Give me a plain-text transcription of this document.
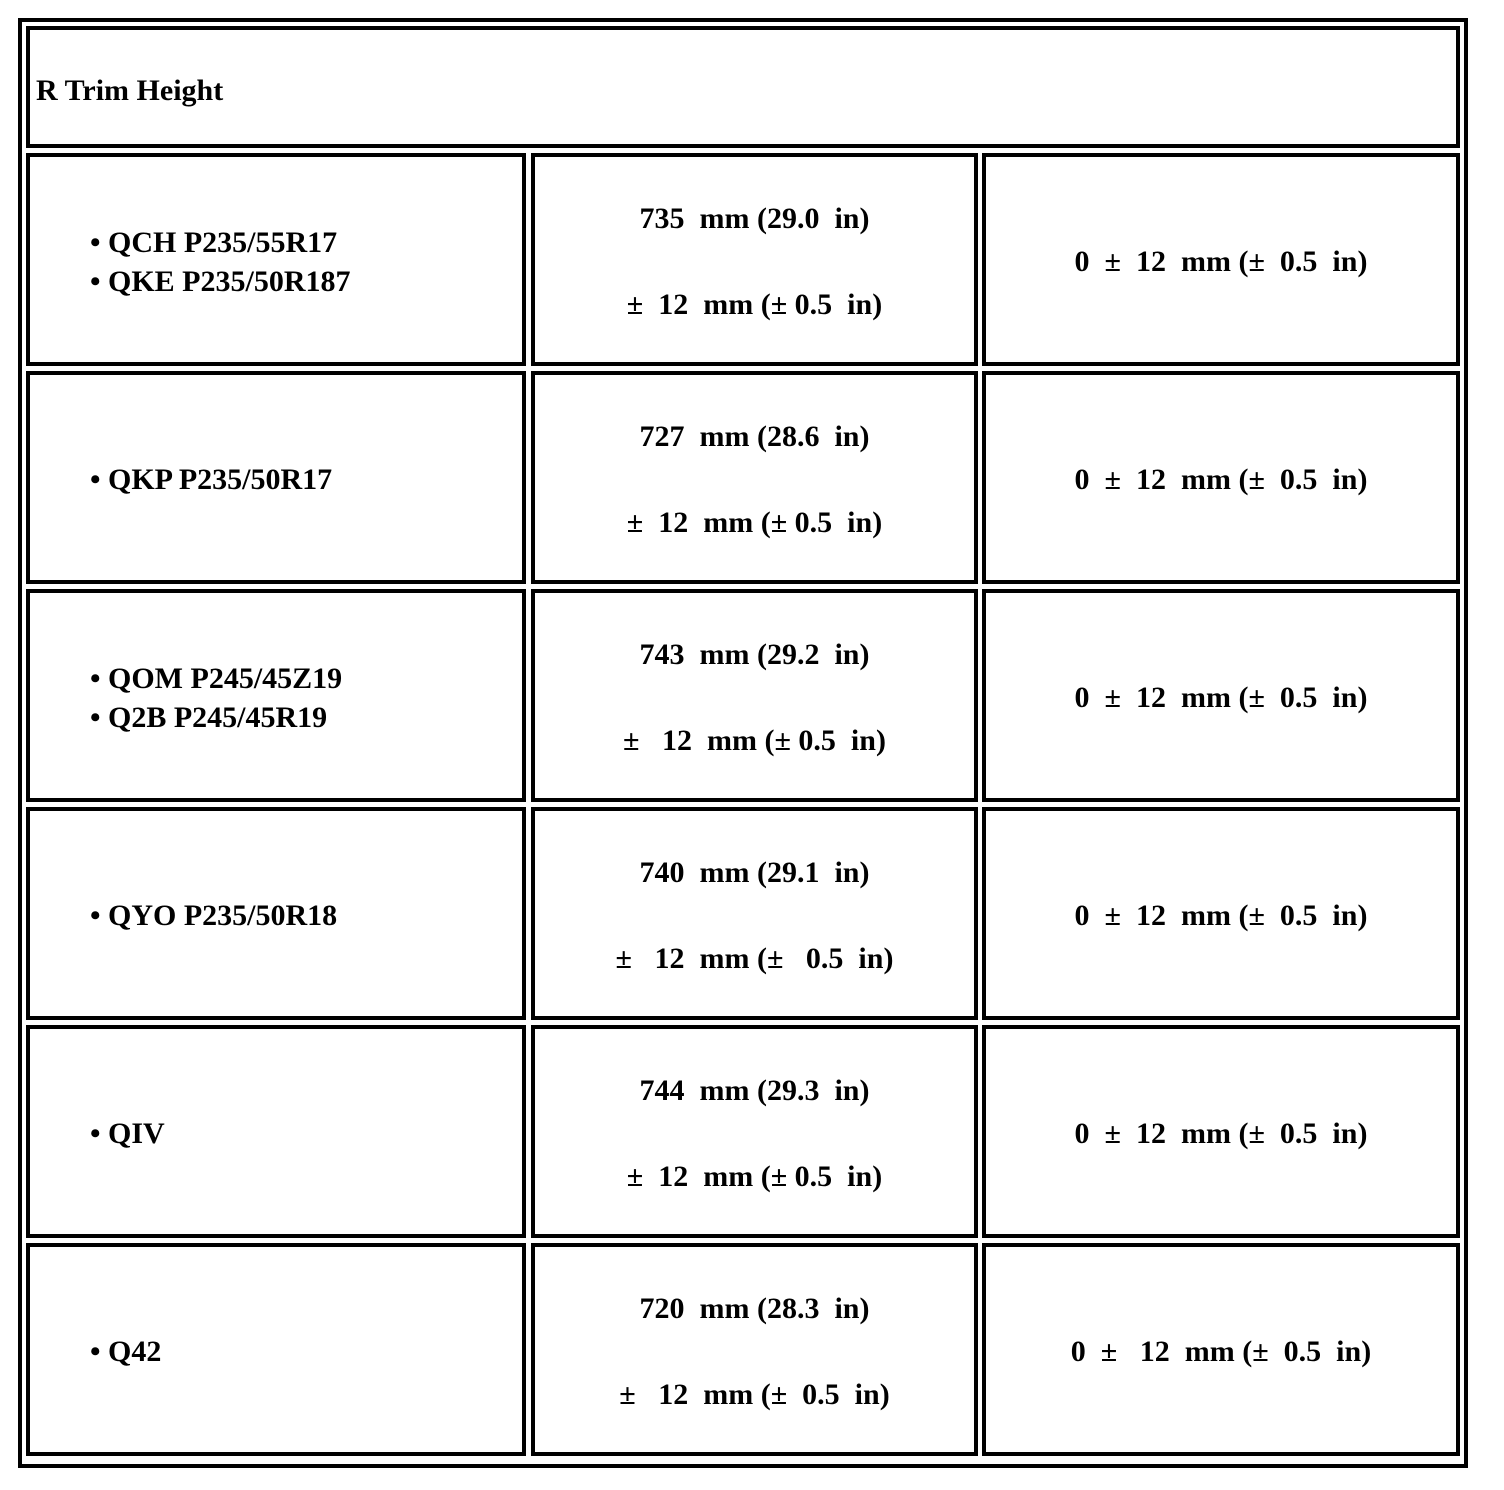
R Trim Height
• QCH P235/55R17
• QKE P235/50R187
735  mm (29.0  in)
±  12  mm (± 0.5  in)
0  ±  12  mm (±  0.5  in)
• QKP P235/50R17
727  mm (28.6  in)
±  12  mm (± 0.5  in)
0  ±  12  mm (±  0.5  in)
• QOM P245/45Z19
• Q2B P245/45R19
743  mm (29.2  in)
±   12  mm (± 0.5  in)
0  ±  12  mm (±  0.5  in)
• QYO P235/50R18
740  mm (29.1  in)
±   12  mm (±   0.5  in)
0  ±  12  mm (±  0.5  in)
• QIV
744  mm (29.3  in)
±  12  mm (± 0.5  in)
0  ±  12  mm (±  0.5  in)
• Q42
720  mm (28.3  in)
±   12  mm (±  0.5  in)
0  ±   12  mm (±  0.5  in)
